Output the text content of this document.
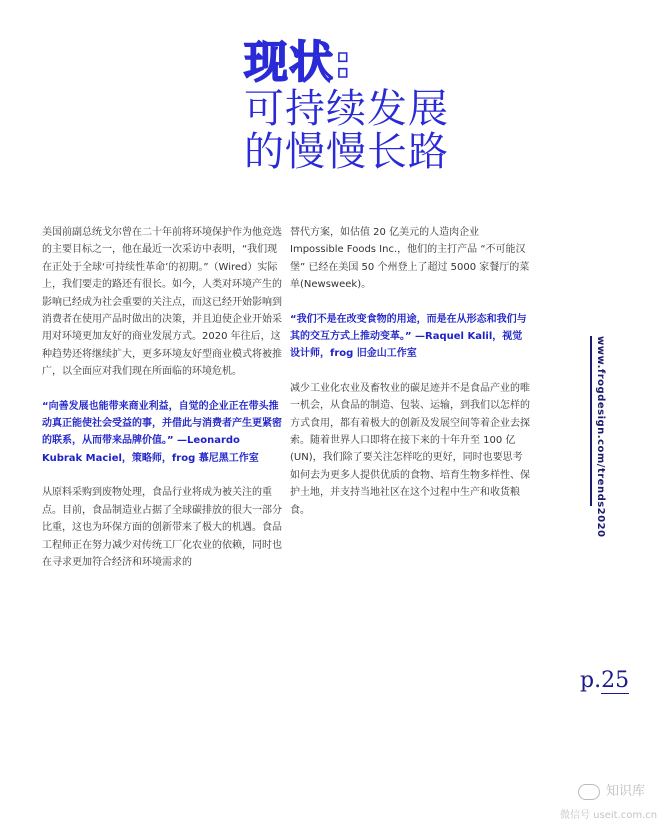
现状:
可持续发展
的慢慢长路

美国前副总统戈尔曾在二十年前将环境保护作为他竞选的主要目标之一，他在最近一次采访中表明，“我们现在正处于全球‘可持续性革命’的初期。”（Wired）实际上，我们要走的路还有很长。如今，人类对环境产生的影响已经成为社会重要的关注点，而这已经开始影响到消费者在使用产品时做出的决策，并且迫使企业开始采用对环境更加友好的商业发展方式。2020 年往后，这种趋势还将继续扩大，更多环境友好型商业模式将被推广，以全面应对我们现在所面临的环境危机。

“向善发展也能带来商业利益，自觉的企业正在带头推动真正能使社会受益的事，并借此与消费者产生更紧密的联系，从而带来品牌价值。” —Leonardo Kubrak Maciel，策略师，frog 慕尼黑工作室

从原料采购到废物处理，食品行业将成为被关注的重点。目前，食品制造业占据了全球碳排放的很大一部分比重，这也为环保方面的创新带来了极大的机遇。食品工程师正在努力减少对传统工厂化农业的依赖，同时也在寻求更加符合经济和环境需求的

替代方案，如估值 20 亿美元的人造肉企业 Impossible Foods Inc.，他们的主打产品 “不可能汉堡” 已经在美国 50 个州登上了超过 5000 家餐厅的菜单(Newsweek)。

“我们不是在改变食物的用途，而是在从形态和我们与其的交互方式上推动变革。” —Raquel Kalil，视觉设计师，frog 旧金山工作室

减少工业化农业及畜牧业的碳足迹并不是食品产业的唯一机会，从食品的制造、包装、运输，到我们以怎样的方式食用，都有着极大的创新及发展空间等着企业去探索。随着世界人口即将在接下来的十年升至 100 亿 (UN)，我们除了要关注怎样吃的更好，同时也要思考如何去为更多人提供优质的食物、培育生物多样性、保护土地，并支持当地社区在这个过程中生产和收货粮食。	www.frogdesign.com/trends2020
p.25
知识库
微信号 useit.com.cn
